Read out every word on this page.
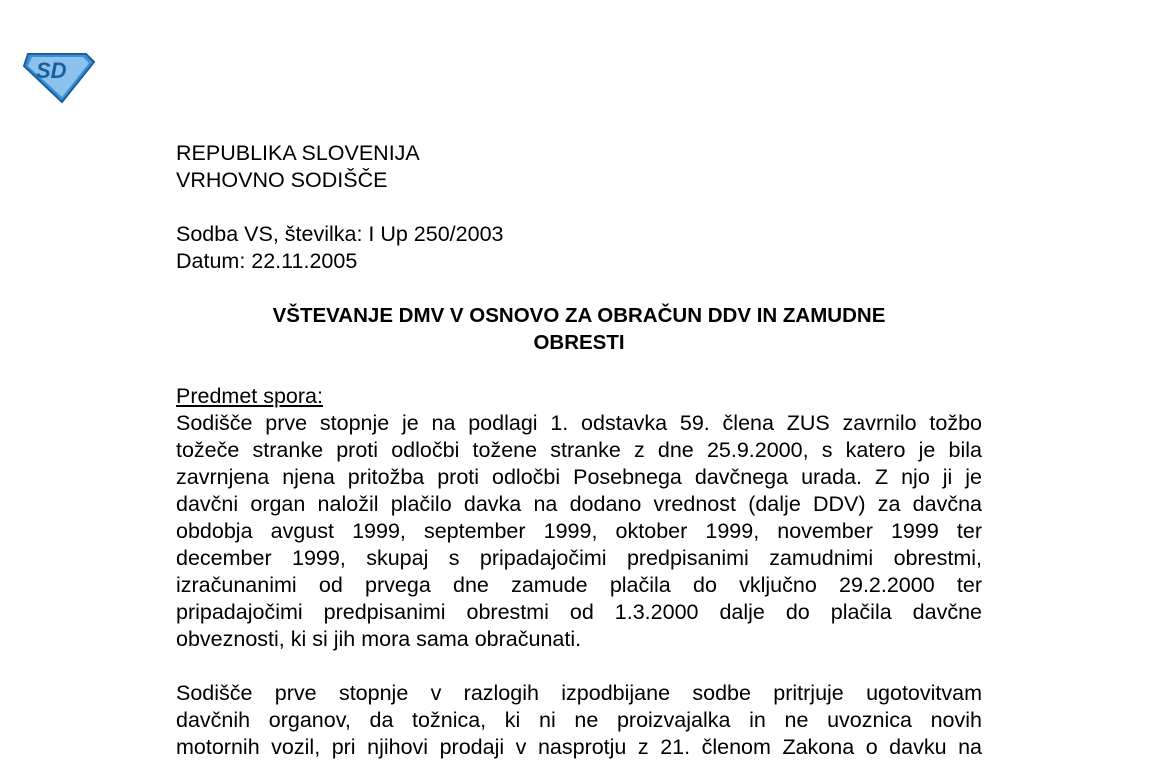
SD
REPUBLIKA SLOVENIJA
VRHOVNO SODIŠČE
Sodba VS, številka: I Up 250/2003
Datum: 22.11.2005
VŠTEVANJE DMV V OSNOVO ZA OBRAČUN DDV IN ZAMUDNE
OBRESTI
Predmet spora:
Sodišče prve stopnje je na podlagi 1. odstavka 59. člena ZUS zavrnilo tožbo
tožeče stranke proti odločbi tožene stranke z dne 25.9.2000, s katero je bila
zavrnjena njena pritožba proti odločbi Posebnega davčnega urada. Z njo ji je
davčni organ naložil plačilo davka na dodano vrednost (dalje DDV) za davčna
obdobja avgust 1999, september 1999, oktober 1999, november 1999 ter
december 1999, skupaj s pripadajočimi predpisanimi zamudnimi obrestmi,
izračunanimi od prvega dne zamude plačila do vključno 29.2.2000 ter
pripadajočimi predpisanimi obrestmi od 1.3.2000 dalje do plačila davčne
obveznosti, ki si jih mora sama obračunati.
Sodišče prve stopnje v razlogih izpodbijane sodbe pritrjuje ugotovitvam
davčnih organov, da tožnica, ki ni ne proizvajalka in ne uvoznica novih
motornih vozil, pri njihovi prodaji v nasprotju z 21. členom Zakona o davku na
